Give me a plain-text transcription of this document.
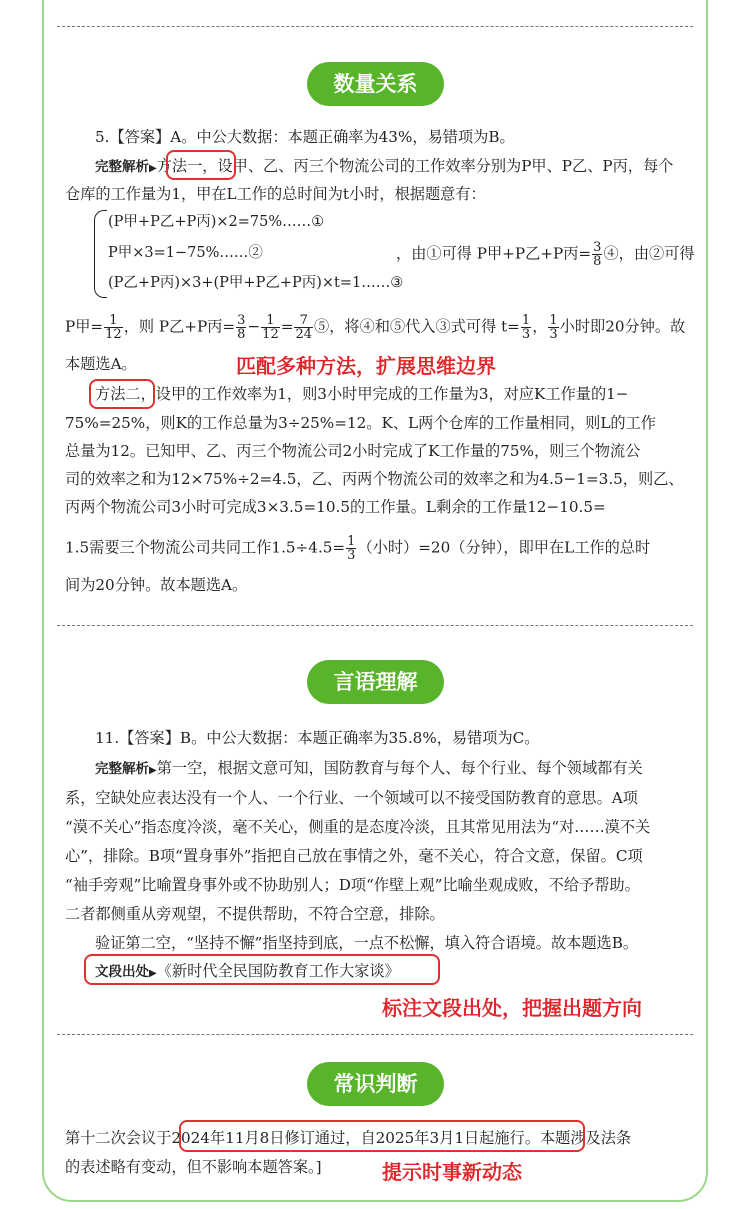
数量关系
5.【答案】A。中公大数据：本题正确率为43%，易错项为B。
完整解析▶方法一，设甲、乙、丙三个物流公司的工作效率分别为P甲、P乙、P丙，每个
仓库的工作量为1，甲在L工作的总时间为t小时，根据题意有：
(P甲+P乙+P丙)×2=75%……①
P甲×3=1−75%……②
(P乙+P丙)×3+(P甲+P乙+P丙)×t=1……③
，由①可得 P甲+P乙+P丙= $\frac{3}{8}$ ④，由②可得
P甲= $\frac{1}{12}$ ，则 P乙+P丙= $\frac{3}{8} - \frac{1}{12} = \frac{7}{24}$ ⑤，将④和⑤代入③式可得 $t= \frac{1}{3}$ ， $\frac{1}{3}$ 小时即20分钟。故
本题选A。	匹配多种方法，扩展思维边界
方法二，设甲的工作效率为1，则3小时甲完成的工作量为3，对应K工作量的1−
75%=25%，则K的工作总量为3÷25%=12。K、L两个仓库的工作量相同，则L的工作
总量为12。已知甲、乙、丙三个物流公司2小时完成了K工作量的75%，则三个物流公
司的效率之和为12×75%÷2=4.5，乙、丙两个物流公司的效率之和为4.5−1=3.5，则乙、
丙两个物流公司3小时可完成3×3.5=10.5的工作量。L剩余的工作量12−10.5=
1.5需要三个物流公司共同工作$1.5\div 4.5= \frac{1}{3}$ （小时）=20（分钟），即甲在L工作的总时
间为20分钟。故本题选A。
言语理解
11.【答案】B。中公大数据：本题正确率为35.8%，易错项为C。
完整解析▶第一空，根据文意可知，国防教育与每个人、每个行业、每个领域都有关
系，空缺处应表达没有一个人、一个行业、一个领域可以不接受国防教育的意思。A项
“漠不关心”指态度冷淡，毫不关心，侧重的是态度冷淡，且其常见用法为“对……漠不关
心”，排除。B项“置身事外”指把自己放在事情之外，毫不关心，符合文意，保留。C项
“袖手旁观”比喻置身事外或不协助别人；D项“作壁上观”比喻坐观成败，不给予帮助。
二者都侧重从旁观望，不提供帮助，不符合空意，排除。
验证第二空，“坚持不懈”指坚持到底，一点不松懈，填入符合语境。故本题选B。
文段出处▶《新时代全民国防教育工作大家谈》
标注文段出处，把握出题方向
常识判断
第十二次会议于2024年11月8日修订通过，自2025年3月1日起施行。本题涉及法条
的表述略有变动，但不影响本题答案。]	提示时事新动态
